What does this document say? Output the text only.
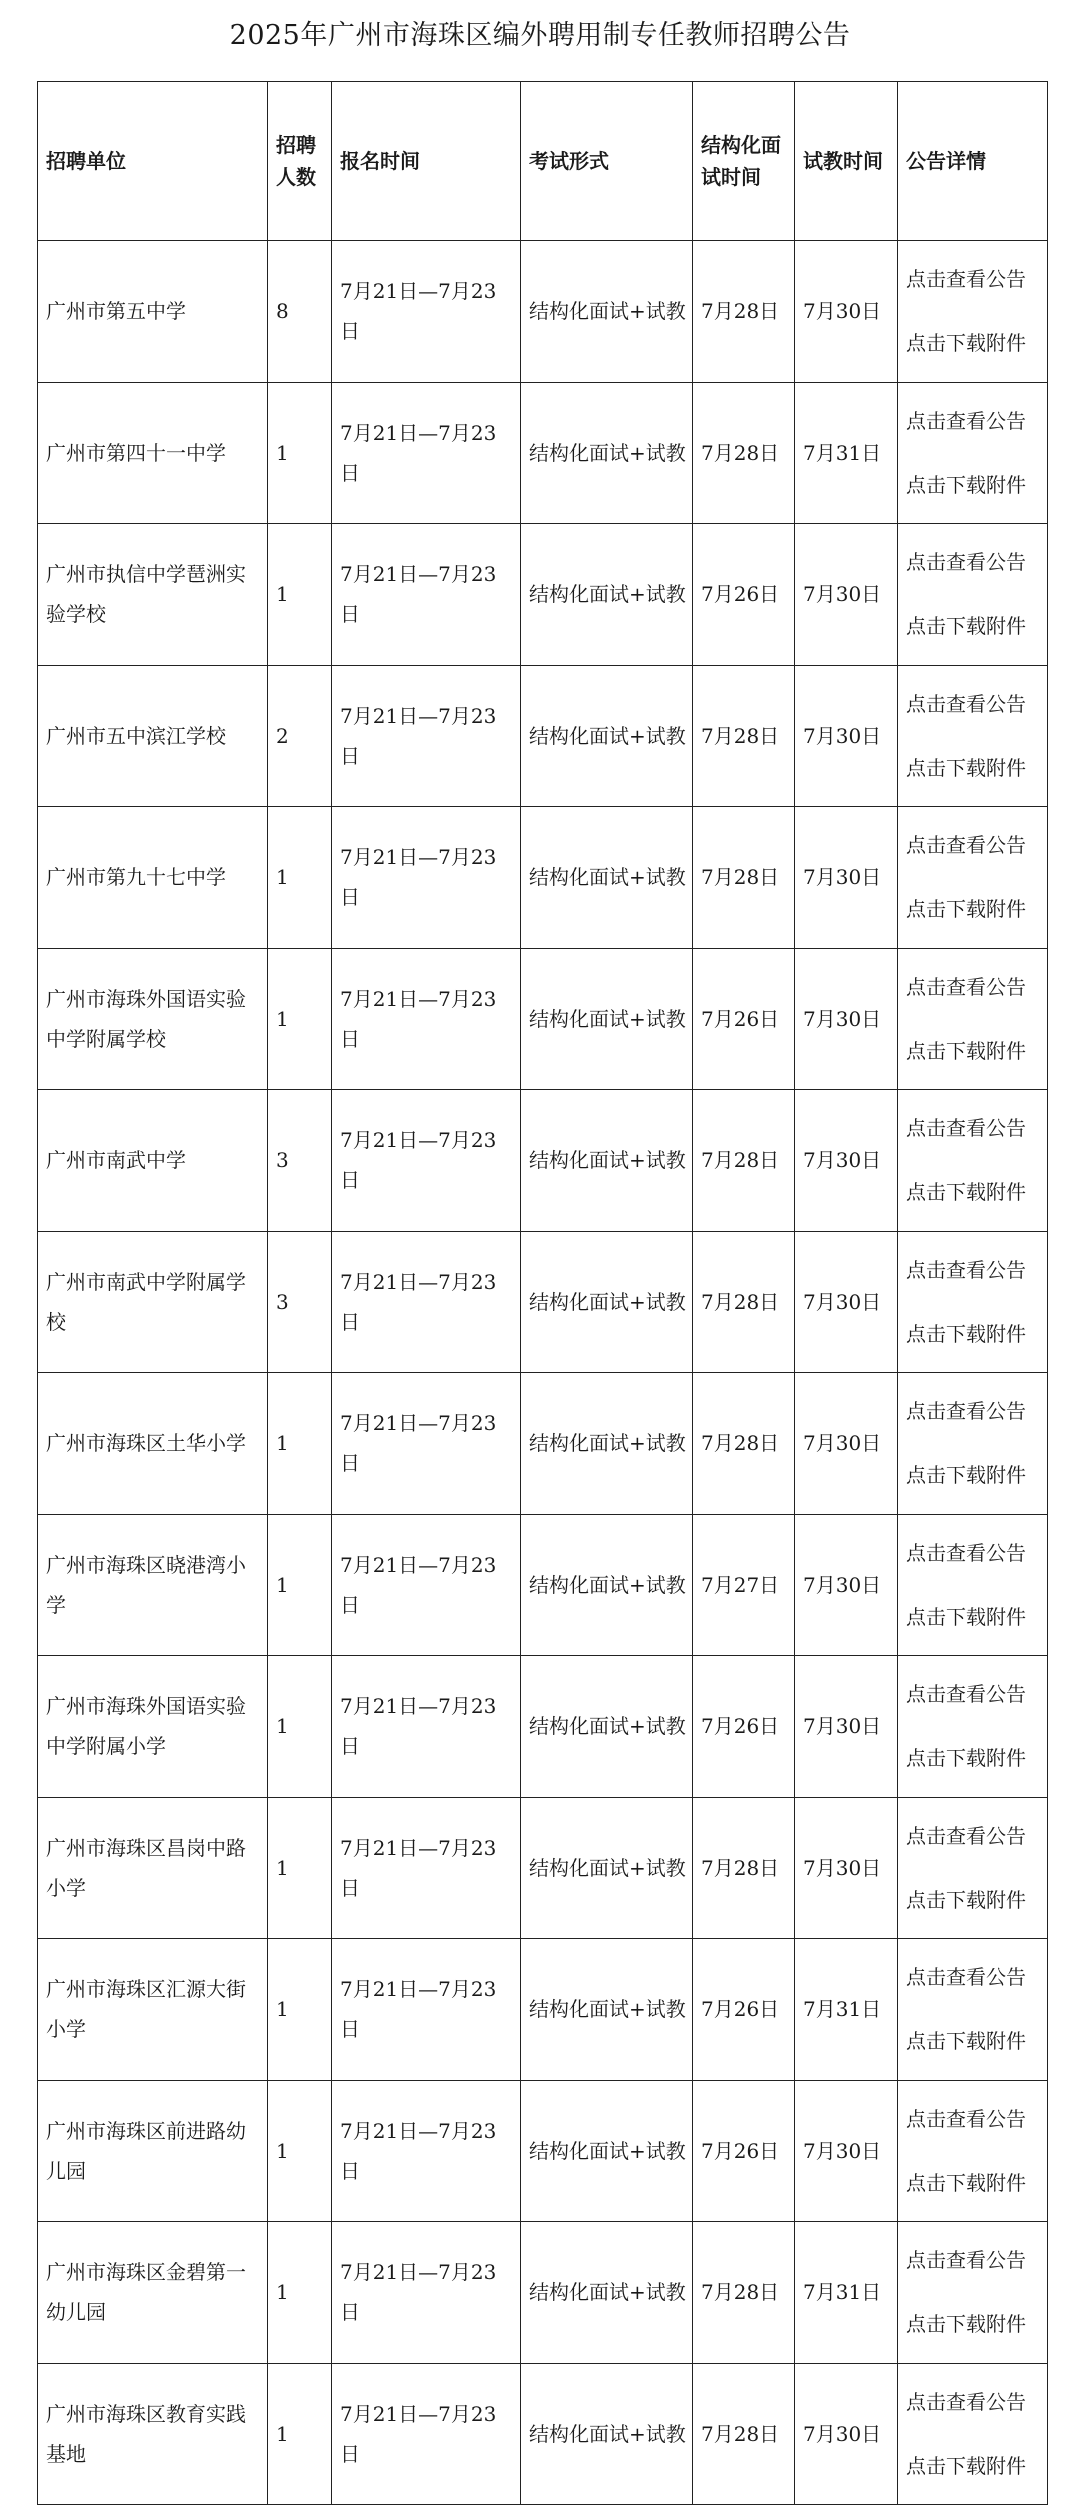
2025年广州市海珠区编外聘用制专任教师招聘公告
招聘单位	招聘人数	报名时间	考试形式	结构化面试时间	试教时间	公告详情
广州市第五中学	8	7月21日—7月23日	结构化面试+试教	7月28日	7月30日	点击查看公告
点击下载附件

广州市第四十一中学	1	7月21日—7月23日	结构化面试+试教	7月28日	7月31日	点击查看公告
点击下载附件

广州市执信中学琶洲实验学校	1	7月21日—7月23日	结构化面试+试教	7月26日	7月30日	点击查看公告
点击下载附件

广州市五中滨江学校	2	7月21日—7月23日	结构化面试+试教	7月28日	7月30日	点击查看公告
点击下载附件

广州市第九十七中学	1	7月21日—7月23日	结构化面试+试教	7月28日	7月30日	点击查看公告
点击下载附件

广州市海珠外国语实验中学附属学校	1	7月21日—7月23日	结构化面试+试教	7月26日	7月30日	点击查看公告
点击下载附件

广州市南武中学	3	7月21日—7月23日	结构化面试+试教	7月28日	7月30日	点击查看公告
点击下载附件

广州市南武中学附属学校	3	7月21日—7月23日	结构化面试+试教	7月28日	7月30日	点击查看公告
点击下载附件

广州市海珠区土华小学	1	7月21日—7月23日	结构化面试+试教	7月28日	7月30日	点击查看公告
点击下载附件

广州市海珠区晓港湾小学	1	7月21日—7月23日	结构化面试+试教	7月27日	7月30日	点击查看公告
点击下载附件

广州市海珠外国语实验中学附属小学	1	7月21日—7月23日	结构化面试+试教	7月26日	7月30日	点击查看公告
点击下载附件

广州市海珠区昌岗中路小学	1	7月21日—7月23日	结构化面试+试教	7月28日	7月30日	点击查看公告
点击下载附件

广州市海珠区汇源大街小学	1	7月21日—7月23日	结构化面试+试教	7月26日	7月31日	点击查看公告
点击下载附件

广州市海珠区前进路幼儿园	1	7月21日—7月23日	结构化面试+试教	7月26日	7月30日	点击查看公告
点击下载附件

广州市海珠区金碧第一幼儿园	1	7月21日—7月23日	结构化面试+试教	7月28日	7月31日	点击查看公告
点击下载附件

广州市海珠区教育实践基地	1	7月21日—7月23日	结构化面试+试教	7月28日	7月30日	点击查看公告
点击下载附件
